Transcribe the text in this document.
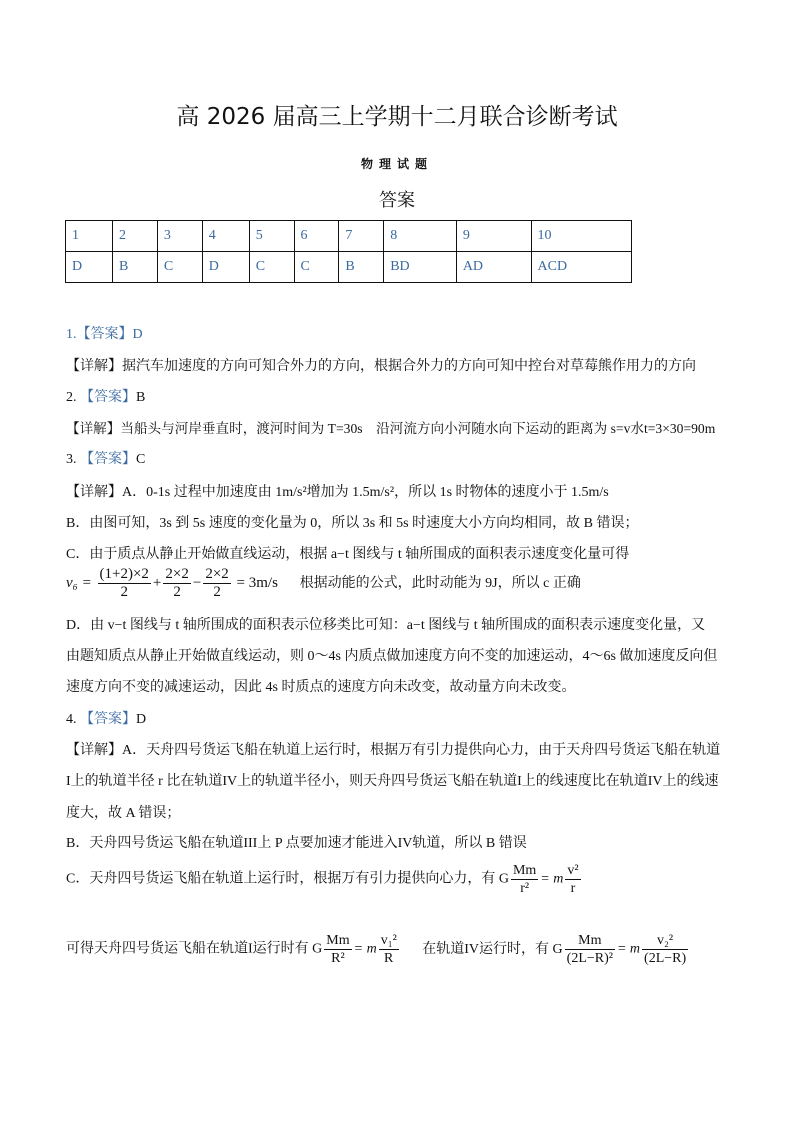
高 2026 届高三上学期十二月联合诊断考试
物理试题
答案
1	2	3	4	5	6	7	8	9	10
D	B	C	D	C	C	B	BD	AD	ACD
1.【答案】D
【详解】据汽车加速度的方向可知合外力的方向，根据合外力的方向可知中控台对草莓熊作用力的方向
2. 【答案】B
【详解】当船头与河岸垂直时，渡河时间为 T=30s　沿河流方向小河随水向下运动的距离为 s=v水t=3×30=90m
3. 【答案】C
【详解】A．0-1s 过程中加速度由 1m/s²增加为 1.5m/s²，所以 1s 时物体的速度小于 1.5m/s
B．由图可知，3s 到 5s 速度的变化量为 0，所以 3s 和 5s 时速度大小方向均相同，故 B 错误；
C．由于质点从静止开始做直线运动，根据 a−t 图线与 t 轴所围成的面积表示速度变化量可得
$v_6 = \frac{(1+2)\times 2}{2} + \frac{2\times 2}{2} - \frac{2\times 2}{2} = 3m/s$ 根据动能的公式，此时动能为 9J，所以 c 正确
D．由 v−t 图线与 t 轴所围成的面积表示位移类比可知：a−t 图线与 t 轴所围成的面积表示速度变化量，又
由题知质点从静止开始做直线运动，则 0～4s 内质点做加速度方向不变的加速运动，4～6s 做加速度反向但
速度方向不变的减速运动，因此 4s 时质点的速度方向未改变，故动量方向未改变。
4. 【答案】D
【详解】A．天舟四号货运飞船在轨道上运行时，根据万有引力提供向心力，由于天舟四号货运飞船在轨道
I上的轨道半径 r 比在轨道IV上的轨道半径小，则天舟四号货运飞船在轨道I上的线速度比在轨道IV上的线速
度大，故 A 错误；
B．天舟四号货运飞船在轨道III上 P 点要加速才能进入IV轨道，所以 B 错误
C．天舟四号货运飞船在轨道上运行时，根据万有引力提供向心力，有 G $\frac{Mm}{\text{r²}} = m \frac{\text{v²}}{r}$
可得天舟四号货运飞船在轨道I运行时有 G $\frac{Mm}{\text{R²}} = m \frac{\text{v₁²}}{R}$ 在轨道IV运行时，有 G $\frac{Mm}{\text{(2L−R)²}} = m \frac{\text{v₂²}}{(2L-R)}$
